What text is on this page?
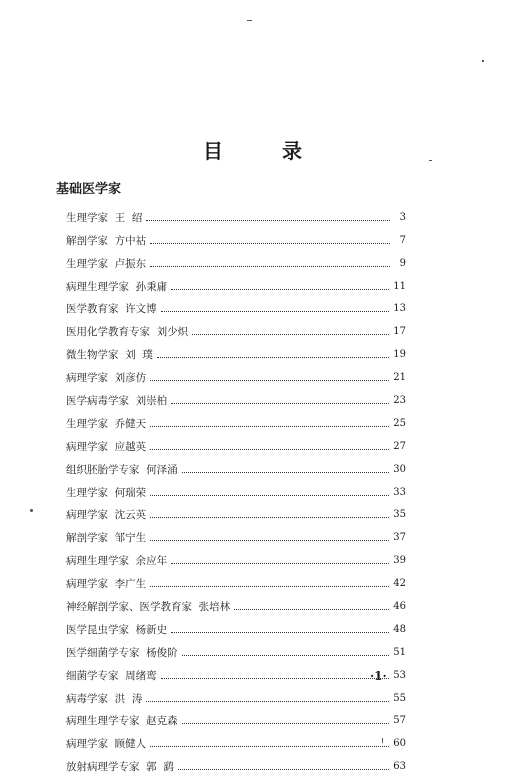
目 录
基础医学家
生理学家  王  绍	3
解剖学家  方中祜	7
生理学家  卢振东	9
病理生理学家  孙秉庸	11
医学教育家  许文博	13
医用化学教育专家  刘少炽	17
微生物学家  刘  璞	19
病理学家  刘彦仿	21
医学病毒学家  刘崇柏	23
生理学家  乔健天	25
病理学家  应越英	27
组织胚胎学专家  何泽涌	30
生理学家  何瑞荣	33
病理学家  沈云英	35
解剖学家  邹宁生	37
病理生理学家  余应年	39
病理学家  李广生	42
神经解剖学家、医学教育家  张培林	46
医学昆虫学家  杨新史	48
医学细菌学专家  杨俊阶	51
细菌学专家  周绪鸾	53
病毒学家  洪  涛	55
病理生理学专家  赵克森	57
病理学家  顾健人	60
放射病理学专家  郭  鹞	63
·1·
